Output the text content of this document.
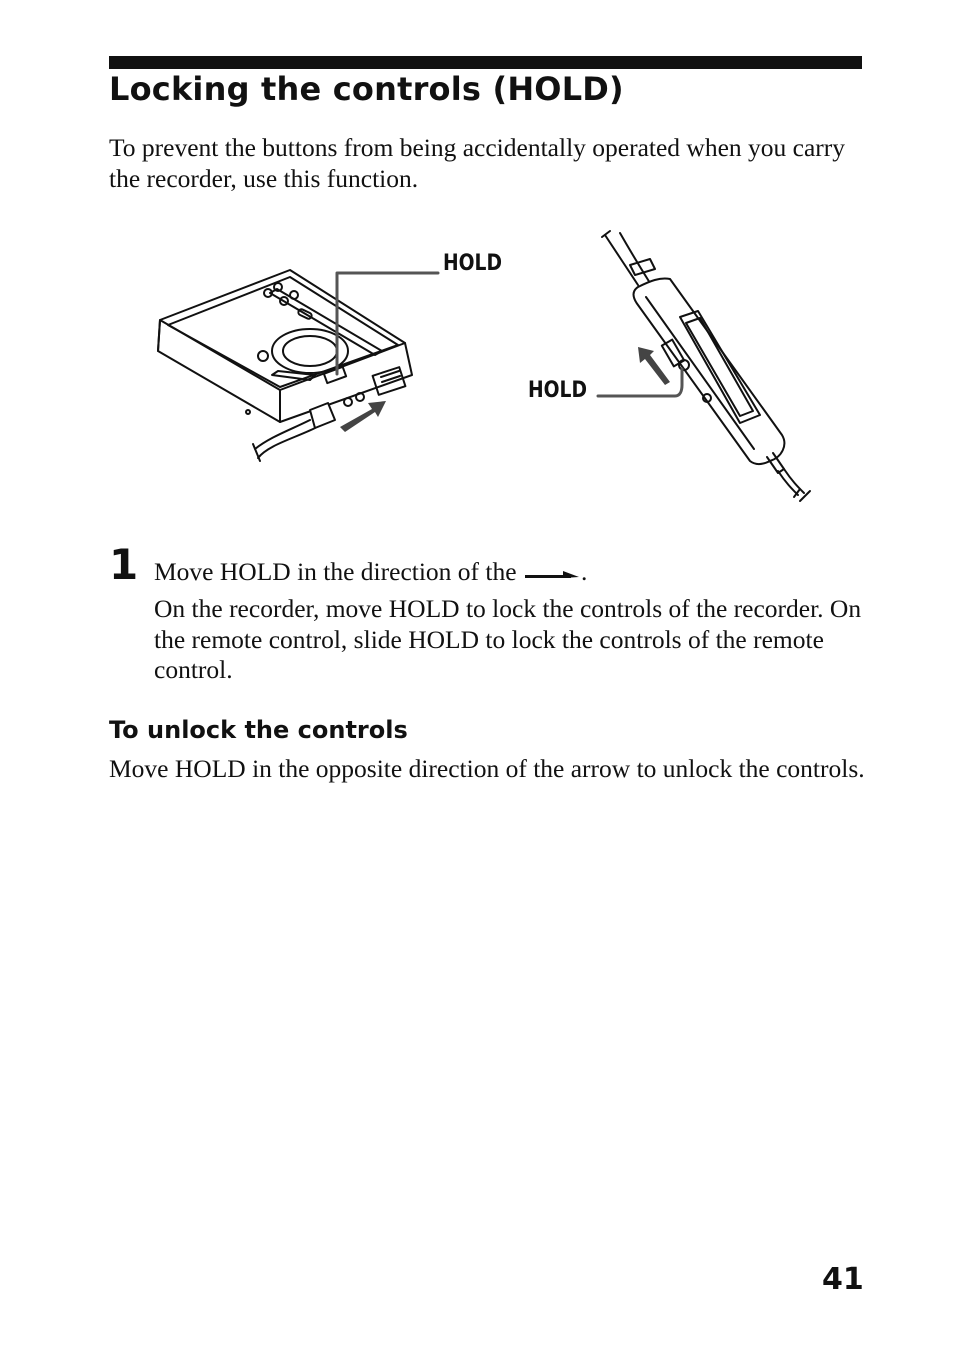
Locking the controls (HOLD)

To prevent the buttons from being accidentally operated when you carry the recorder, use this function.

HOLD
HOLD
1 Move HOLD in the direction of the	.

On the recorder, move HOLD to lock the controls of the recorder. On the remote control, slide HOLD to lock the controls of the remote control.

To unlock the controls

Move HOLD in the opposite direction of the arrow to unlock the controls.

41
